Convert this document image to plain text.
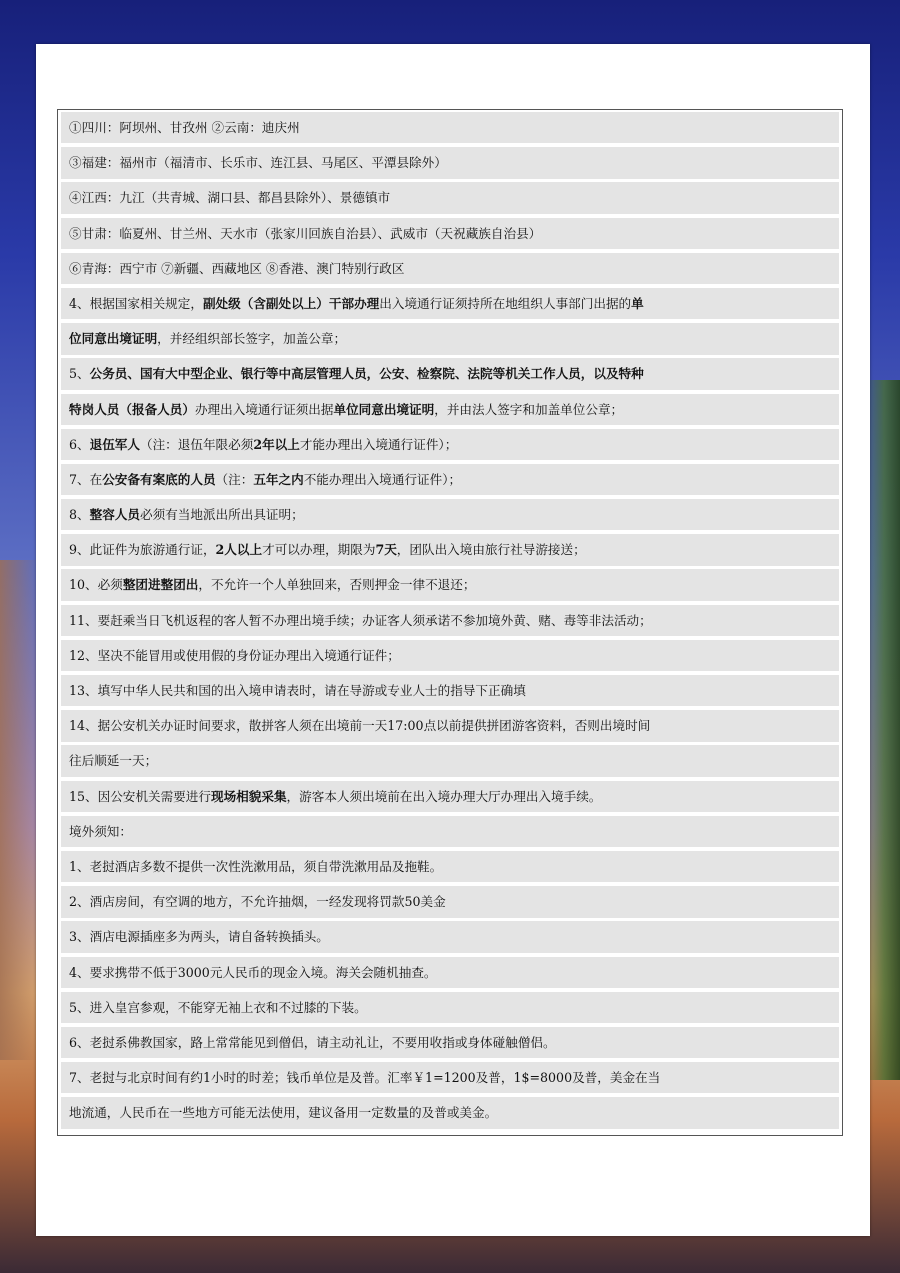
①四川：阿坝州、甘孜州 ②云南：迪庆州
③福建：福州市（福清市、长乐市、连江县、马尾区、平潭县除外）
④江西：九江（共青城、湖口县、都昌县除外）、景德镇市
⑤甘肃：临夏州、甘兰州、天水市（张家川回族自治县）、武威市（天祝藏族自治县）
⑥青海：西宁市 ⑦新疆、西藏地区 ⑧香港、澳门特别行政区
4、根据国家相关规定，副处级（含副处以上）干部办理出入境通行证须持所在地组织人事部门出据的单
位同意出境证明，并经组织部长签字，加盖公章；
5、公务员、国有大中型企业、银行等中高层管理人员，公安、检察院、法院等机关工作人员，以及特种
特岗人员（报备人员）办理出入境通行证须出据单位同意出境证明，并由法人签字和加盖单位公章；
6、退伍军人（注：退伍年限必须2年以上才能办理出入境通行证件）；
7、在公安备有案底的人员（注：五年之内不能办理出入境通行证件）；
8、整容人员必须有当地派出所出具证明；
9、此证件为旅游通行证，2人以上才可以办理，期限为7天，团队出入境由旅行社导游接送；
10、必须整团进整团出，不允许一个人单独回来，否则押金一律不退还；
11、要赶乘当日飞机返程的客人暂不办理出境手续；办证客人须承诺不参加境外黄、赌、毒等非法活动；
12、坚决不能冒用或使用假的身份证办理出入境通行证件；
13、填写中华人民共和国的出入境申请表时，请在导游或专业人士的指导下正确填
14、据公安机关办证时间要求，散拼客人须在出境前一天17:00点以前提供拼团游客资料，否则出境时间
往后顺延一天；
15、因公安机关需要进行现场相貌采集，游客本人须出境前在出入境办理大厅办理出入境手续。
境外须知：
1、老挝酒店多数不提供一次性洗漱用品，须自带洗漱用品及拖鞋。
2、酒店房间，有空调的地方，不允许抽烟，一经发现将罚款50美金
3、酒店电源插座多为两头，请自备转换插头。
4、要求携带不低于3000元人民币的现金入境。海关会随机抽查。
5、进入皇宫参观，不能穿无袖上衣和不过膝的下装。
6、老挝系佛教国家，路上常常能见到僧侣，请主动礼让，不要用收指或身体碰触僧侣。
7、老挝与北京时间有约1小时的时差；钱币单位是及普。汇率￥1=1200及普，1$=8000及普，美金在当
地流通，人民币在一些地方可能无法使用，建议备用一定数量的及普或美金。
